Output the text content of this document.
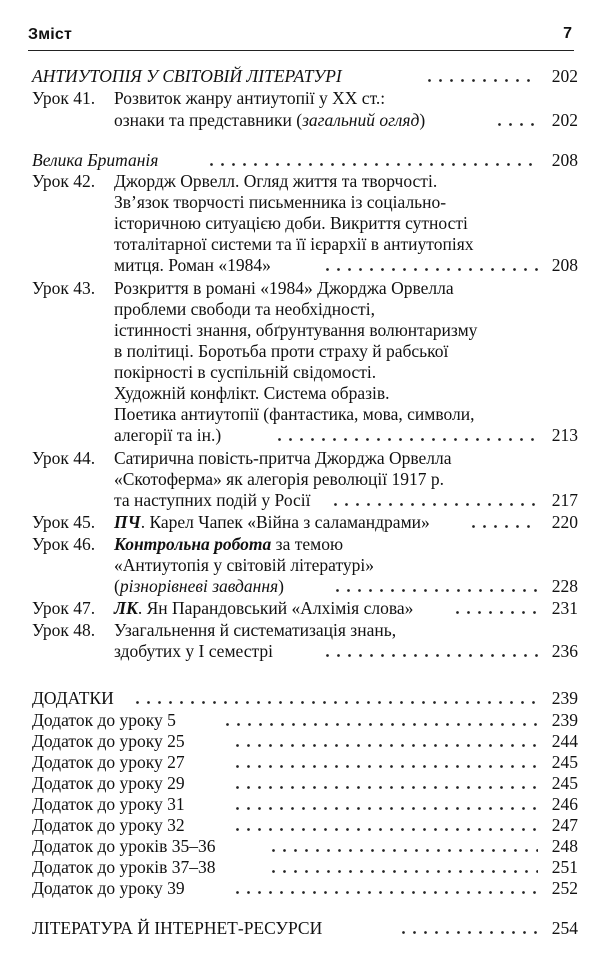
Зміст	7
АНТИУТОПІЯ У СВІТОВІЙ ЛІТЕРАТУРІ	202
Урок 41. Розвиток жанру антиутопії у XX ст.:
ознаки та представники (загальний огляд)	202
Велика Британія	208
Урок 42. Джордж Орвелл. Огляд життя та творчості.
Зв’язок творчості письменника із соціально-
історичною ситуацією доби. Викриття сутності
тоталітарної системи та її ієрархії в антиутопіях
митця. Роман «1984»	208
Урок 43. Розкриття в романі «1984» Джорджа Орвелла
проблеми свободи та необхідності,
істинності знання, обґрунтування волюнтаризму
в політиці. Боротьба проти страху й рабської
покірності в суспільній свідомості.
Художній конфлікт. Система образів.
Поетика антиутопії (фантастика, мова, символи,
алегорії та ін.)	213
Урок 44. Сатирична повість-притча Джорджа Орвелла
«Скотоферма» як алегорія революції 1917 р.
та наступних подій у Росії	217
Урок 45. ПЧ. Карел Чапек «Війна з саламандрами»	220
Урок 46. Контрольна робота за темою
«Антиутопія у світовій літературі»
(різнорівневі завдання)	228
Урок 47. ЛК. Ян Парандовський «Алхімія слова»	231
Урок 48. Узагальнення й систематизація знань,
здобутих у I семестрі	236
ДОДАТКИ	239
Додаток до уроку 5	239
Додаток до уроку 25	244
Додаток до уроку 27	245
Додаток до уроку 29	245
Додаток до уроку 31	246
Додаток до уроку 32	247
Додаток до уроків 35–36	248
Додаток до уроків 37–38	251
Додаток до уроку 39	252
ЛІТЕРАТУРА Й ІНТЕРНЕТ-РЕСУРСИ	254
